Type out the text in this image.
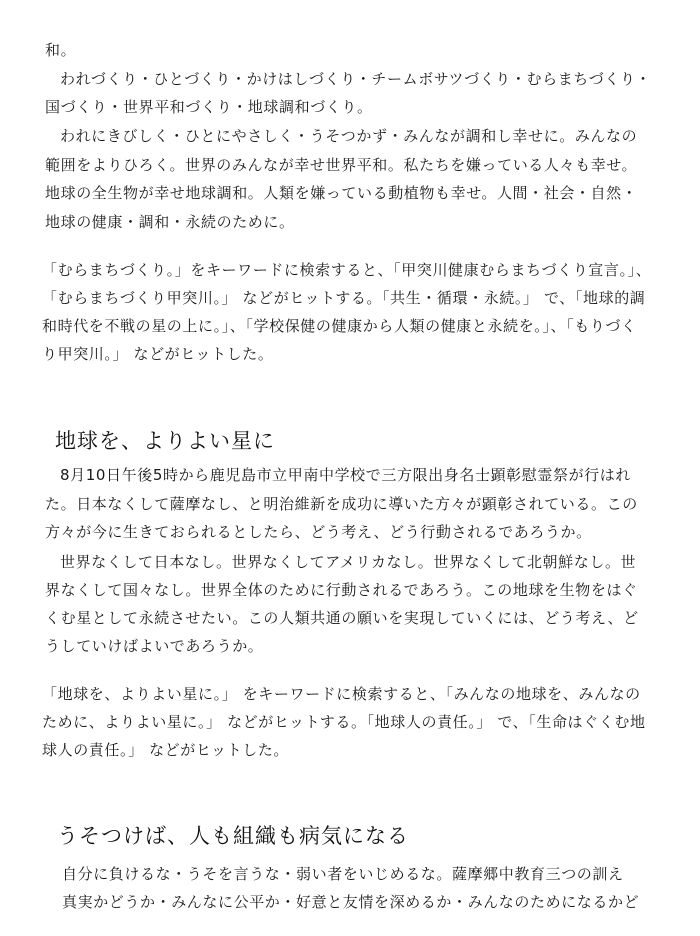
和。
われづくり・ひとづくり・かけはしづくり・チームボサツづくり・むらまちづくり・
国づくり・世界平和づくり・地球調和づくり。
われにきびしく・ひとにやさしく・うそつかず・みんなが調和し幸せに。みんなの
範囲をよりひろく。世界のみんなが幸せ世界平和。私たちを嫌っている人々も幸せ。
地球の全生物が幸せ地球調和。人類を嫌っている動植物も幸せ。人間・社会・自然・
地球の健康・調和・永続のために。
「むらまちづくり。」をキーワードに検索すると、「甲突川健康むらまちづくり宣言。」、
「むらまちづくり甲突川。」 などがヒットする。「共生・循環・永続。」 で、「地球的調
和時代を不戦の星の上に。」、「学校保健の健康から人類の健康と永続を。」、「もりづく
り甲突川。」 などがヒットした。
地球を、よりよい星に
8月10日午後5時から鹿児島市立甲南中学校で三方限出身名士顕彰慰霊祭が行はれ
た。日本なくして薩摩なし、と明治維新を成功に導いた方々が顕彰されている。この
方々が今に生きておられるとしたら、どう考え、どう行動されるであろうか。
世界なくして日本なし。世界なくしてアメリカなし。世界なくして北朝鮮なし。世
界なくして国々なし。世界全体のために行動されるであろう。この地球を生物をはぐ
くむ星として永続させたい。この人類共通の願いを実現していくには、どう考え、ど
うしていけばよいであろうか。
「地球を、よりよい星に。」 をキーワードに検索すると、「みんなの地球を、みんなの
ために、よりよい星に。」 などがヒットする。「地球人の責任。」 で、「生命はぐくむ地
球人の責任。」 などがヒットした。
うそつけば、人も組織も病気になる
自分に負けるな・うそを言うな・弱い者をいじめるな。薩摩郷中教育三つの訓え
真実かどうか・みんなに公平か・好意と友情を深めるか・みんなのためになるかど
